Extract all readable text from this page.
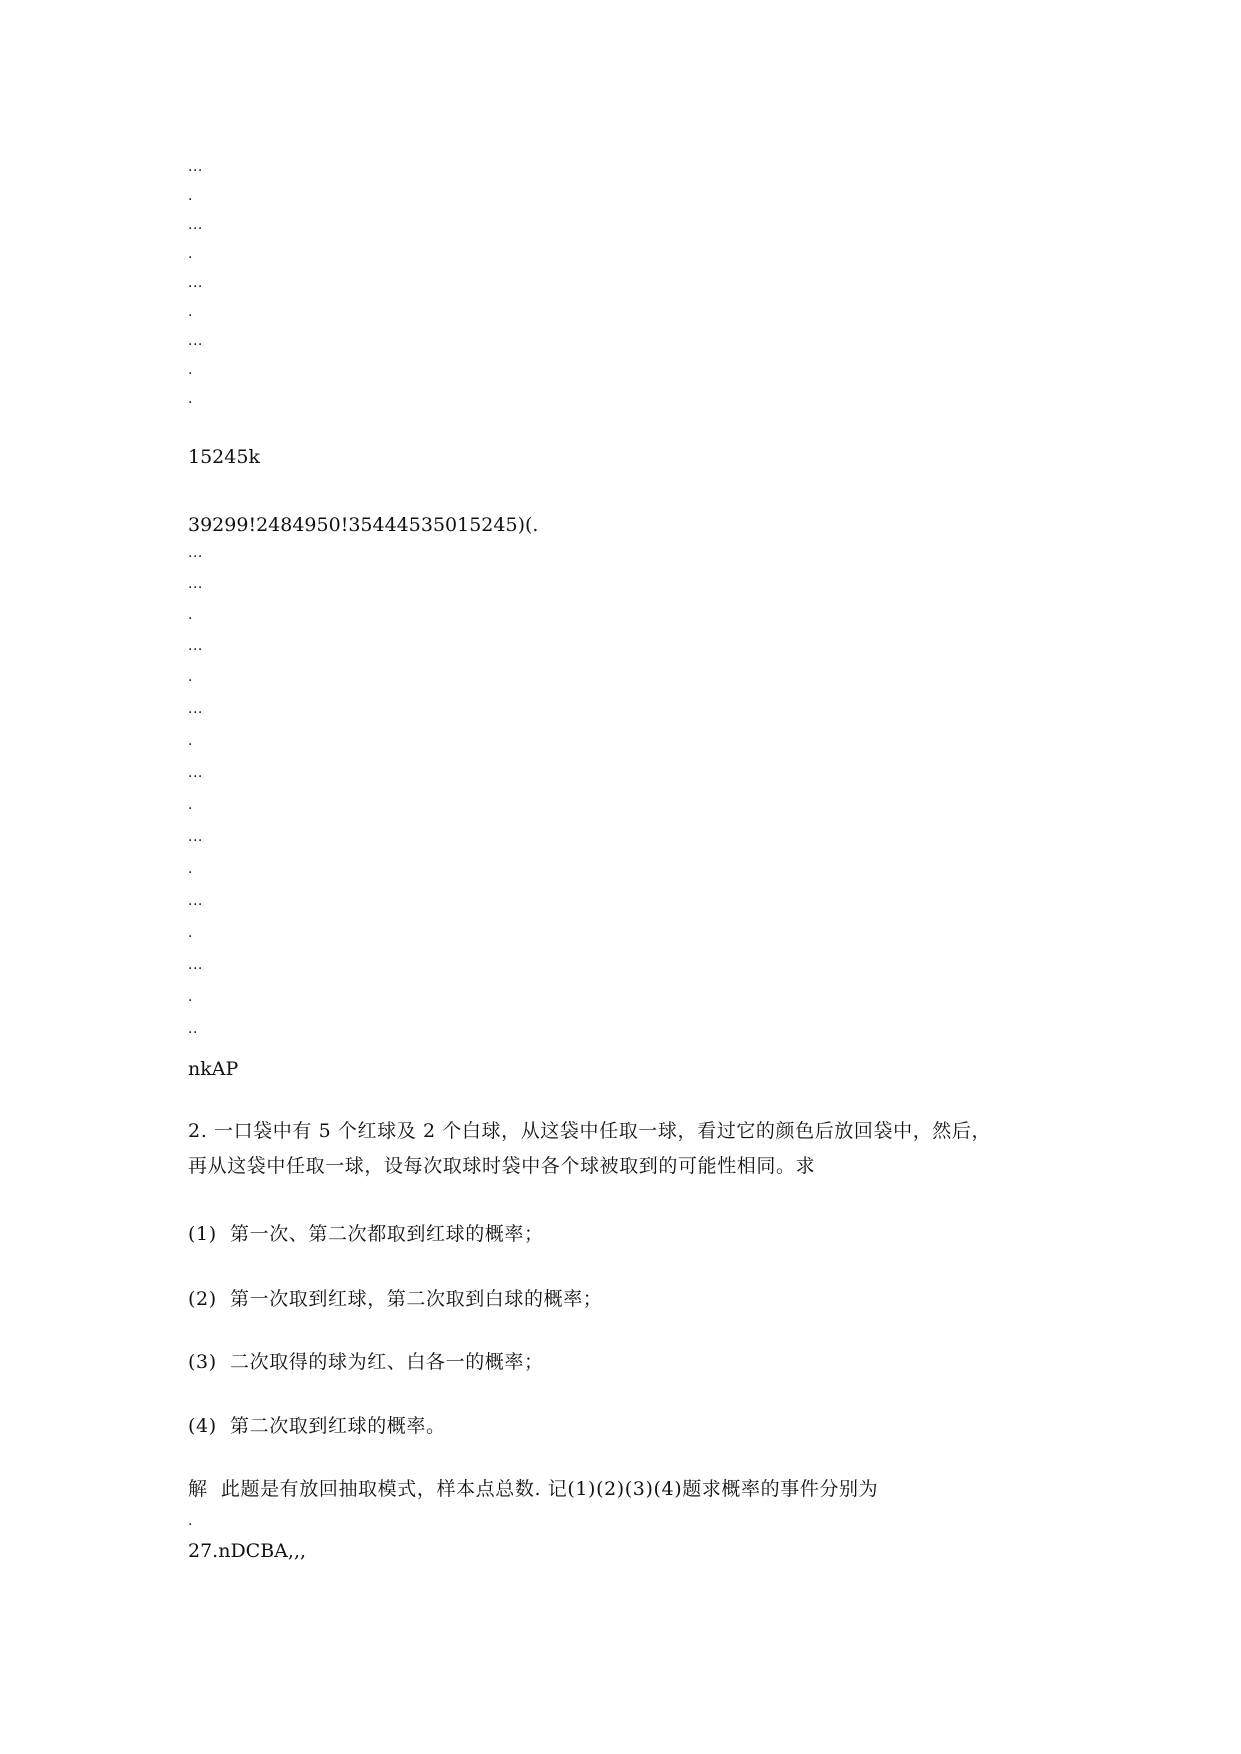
...
.
...
.
...
.
...
.
.
15245k
39299!2484950!35444535015245)(.
...
...
.
...
.
...
.
...
.
...
.
...
.
...
.
..
nkAP
2. 一口袋中有 5 个红球及 2 个白球，从这袋中任取一球，看过它的颜色后放回袋中，然后，
再从这袋中任取一球，设每次取球时袋中各个球被取到的可能性相同。求
(1)  第一次、第二次都取到红球的概率；
(2)  第一次取到红球，第二次取到白球的概率；
(3)  二次取得的球为红、白各一的概率；
(4)  第二次取到红球的概率。
解  此题是有放回抽取模式，样本点总数. 记(1)(2)(3)(4)题求概率的事件分别为
.
27.nDCBA,,,
